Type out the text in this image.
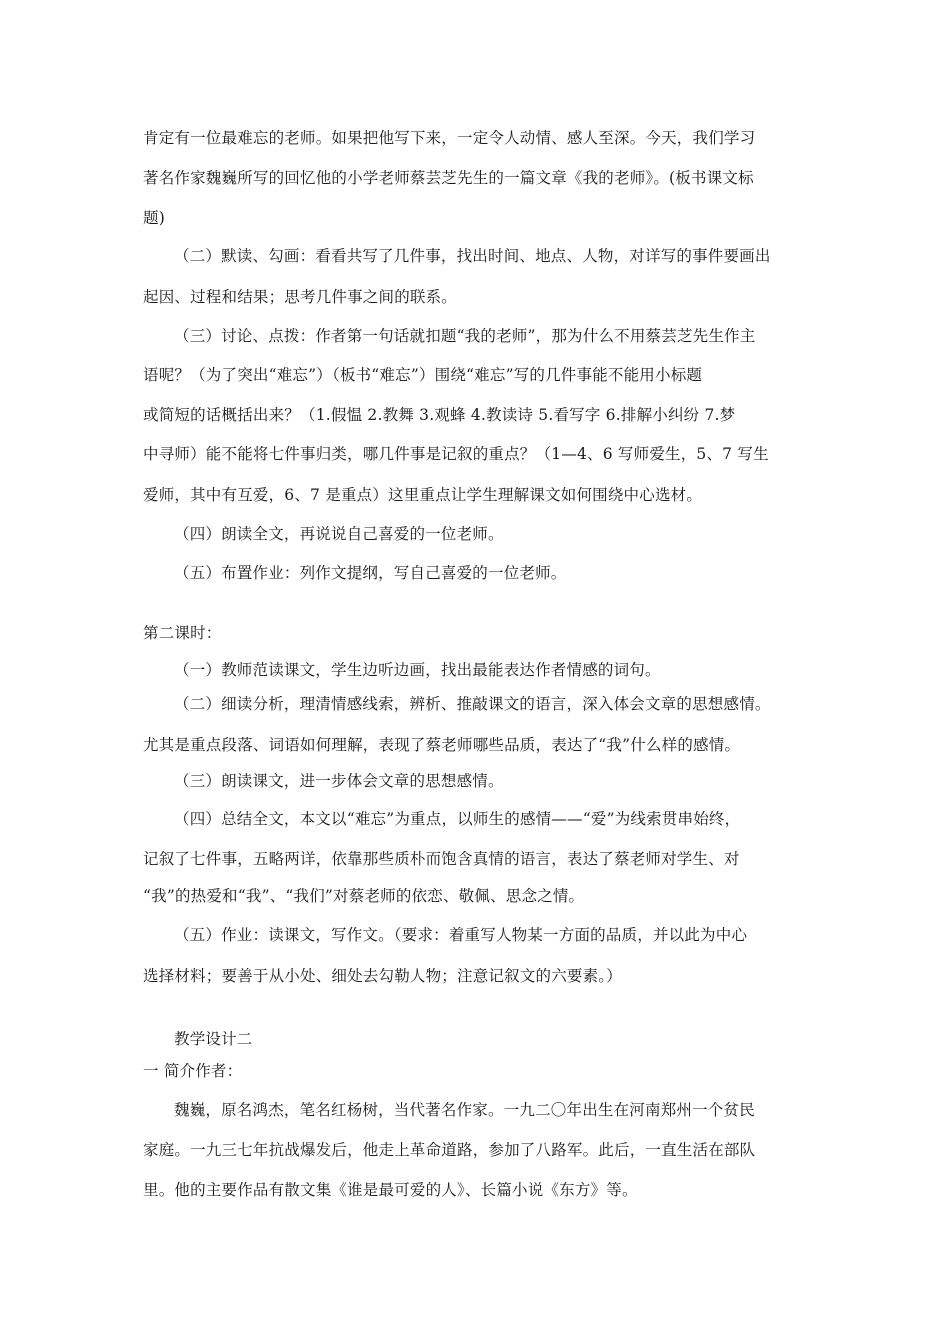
肯定有一位最难忘的老师。如果把他写下来，一定令人动情、感人至深。今天，我们学习
著名作家魏巍所写的回忆他的小学老师蔡芸芝先生的一篇文章《我的老师》。(板书课文标
题)
（二）默读、勾画：看看共写了几件事，找出时间、地点、人物，对详写的事件要画出
起因、过程和结果；思考几件事之间的联系。
（三）讨论、点拨：作者第一句话就扣题“我的老师”，那为什么不用蔡芸芝先生作主
语呢？（为了突出“难忘”）（板书“难忘”）围绕“难忘”写的几件事能不能用小标题
或简短的话概括出来？（1.假愠 2.教舞 3.观蜂 4.教读诗 5.看写字 6.排解小纠纷 7.梦
中寻师）能不能将七件事归类，哪几件事是记叙的重点？（1—4、6 写师爱生，5、7 写生
爱师，其中有互爱，6、7 是重点）这里重点让学生理解课文如何围绕中心选材。
（四）朗读全文，再说说自己喜爱的一位老师。
（五）布置作业：列作文提纲，写自己喜爱的一位老师。
第二课时：
（一）教师范读课文，学生边听边画，找出最能表达作者情感的词句。
（二）细读分析，理清情感线索，辨析、推敲课文的语言，深入体会文章的思想感情。
尤其是重点段落、词语如何理解，表现了蔡老师哪些品质，表达了“我”什么样的感情。
（三）朗读课文，进一步体会文章的思想感情。
（四）总结全文，本文以“难忘”为重点，以师生的感情——“爱”为线索贯串始终，
记叙了七件事，五略两详，依靠那些质朴而饱含真情的语言，表达了蔡老师对学生、对
“我”的热爱和“我”、“我们”对蔡老师的依恋、敬佩、思念之情。
（五）作业：读课文，写作文。（要求：着重写人物某一方面的品质，并以此为中心
选择材料；要善于从小处、细处去勾勒人物；注意记叙文的六要素。）
教学设计二
一 简介作者：
魏巍，原名鸿杰，笔名红杨树，当代著名作家。一九二〇年出生在河南郑州一个贫民
家庭。一九三七年抗战爆发后，他走上革命道路，参加了八路军。此后，一直生活在部队
里。他的主要作品有散文集《谁是最可爱的人》、长篇小说《东方》等。
